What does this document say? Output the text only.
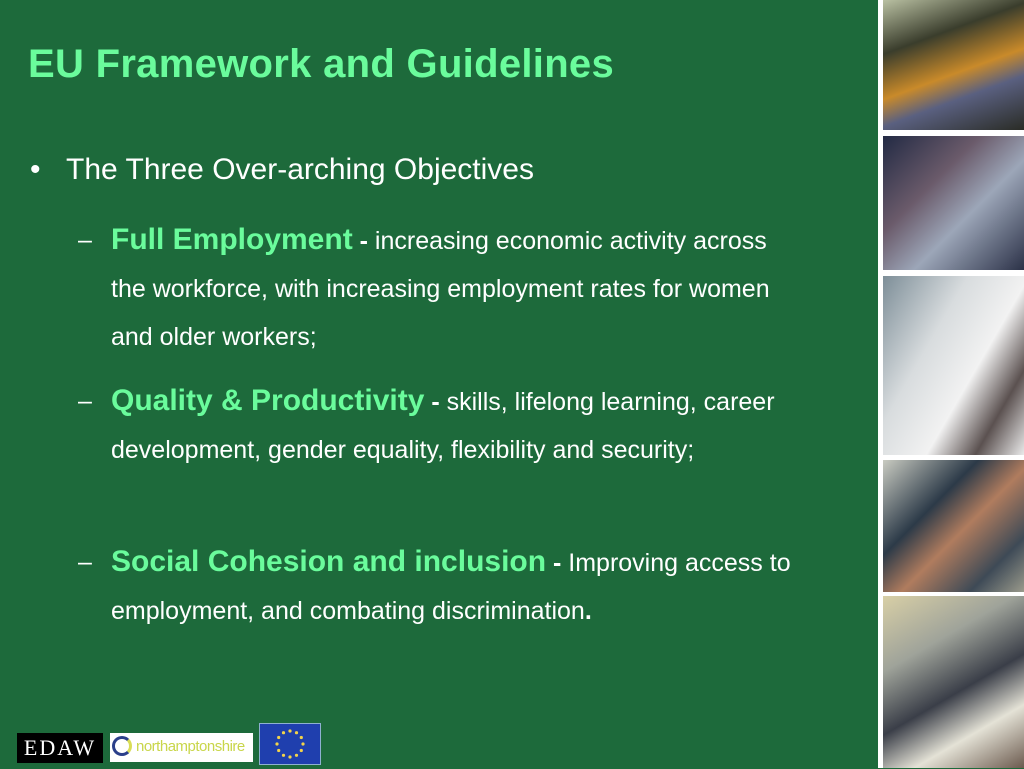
EU Framework and Guidelines
• The Three Over-arching Objectives
– Full Employment - increasing economic activity across the workforce, with increasing employment rates for women and older workers;
– Quality & Productivity - skills, lifelong learning, career development, gender equality, flexibility and security;
– Social Cohesion and inclusion - Improving access to employment, and combating discrimination.
EDAW	northamptonshire
